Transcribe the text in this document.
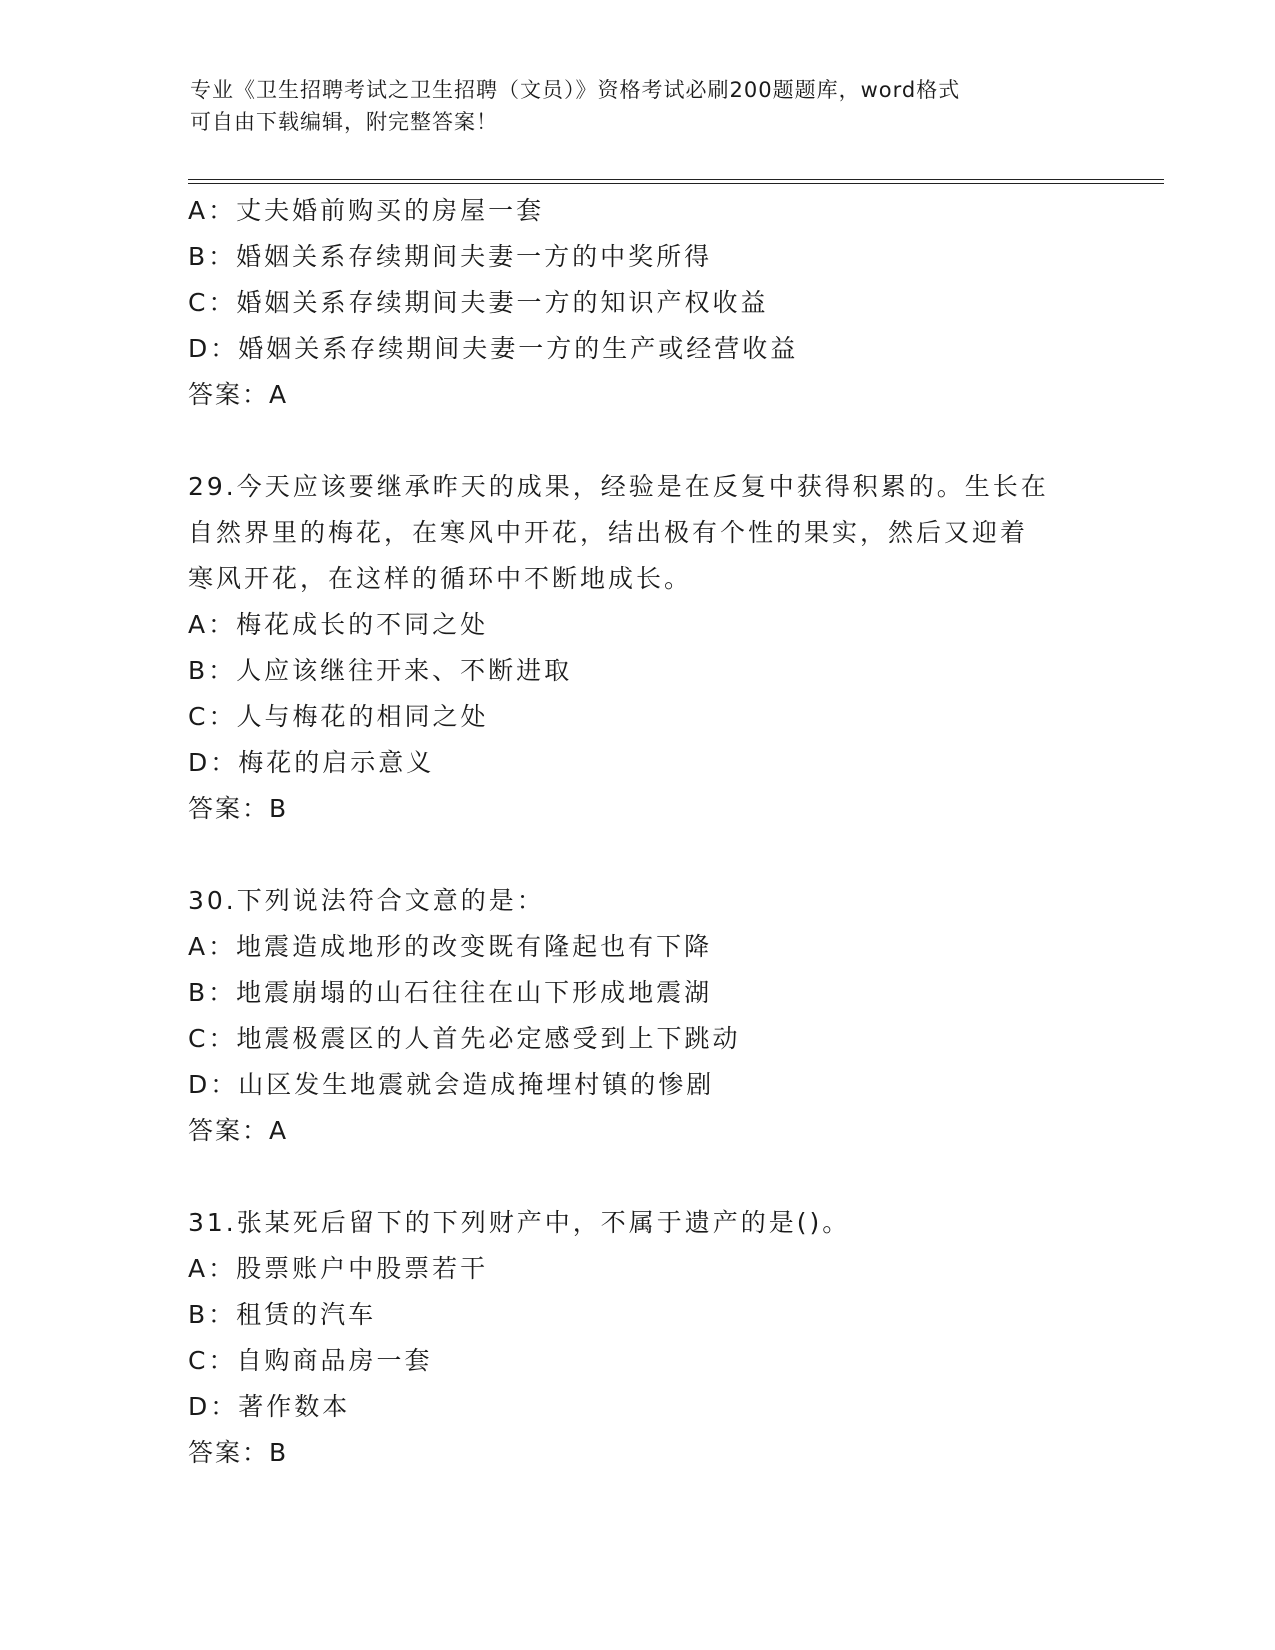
专业《卫生招聘考试之卫生招聘（文员）》资格考试必刷200题题库，word格式
可自由下载编辑，附完整答案！
A：丈夫婚前购买的房屋一套
B：婚姻关系存续期间夫妻一方的中奖所得
C：婚姻关系存续期间夫妻一方的知识产权收益
D：婚姻关系存续期间夫妻一方的生产或经营收益
答案：A
29.今天应该要继承昨天的成果，经验是在反复中获得积累的。生长在
自然界里的梅花，在寒风中开花，结出极有个性的果实，然后又迎着
寒风开花，在这样的循环中不断地成长。
A：梅花成长的不同之处
B：人应该继往开来、不断进取
C：人与梅花的相同之处
D：梅花的启示意义
答案：B
30.下列说法符合文意的是：
A：地震造成地形的改变既有隆起也有下降
B：地震崩塌的山石往往在山下形成地震湖
C：地震极震区的人首先必定感受到上下跳动
D：山区发生地震就会造成掩埋村镇的惨剧
答案：A
31.张某死后留下的下列财产中，不属于遗产的是()。
A：股票账户中股票若干
B：租赁的汽车
C：自购商品房一套
D：著作数本
答案：B
